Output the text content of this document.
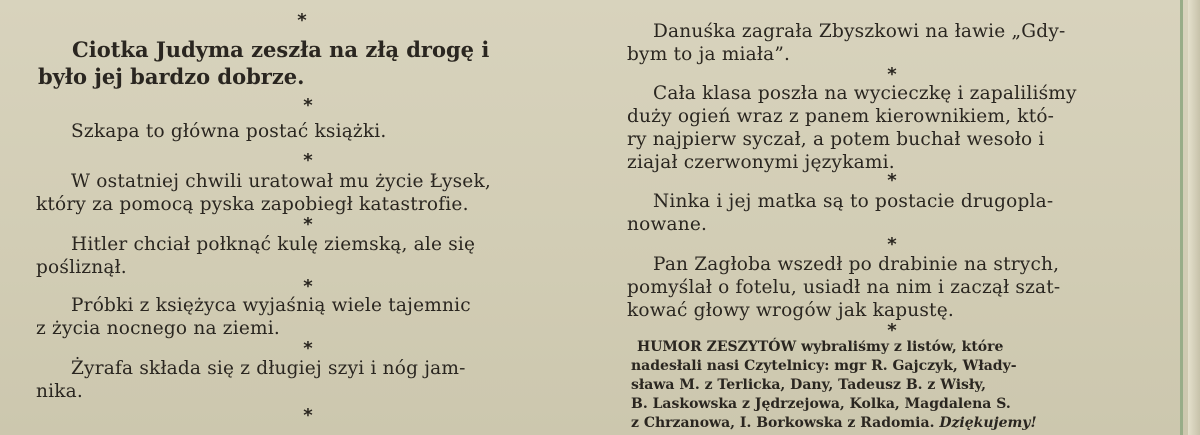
*
Ciotka Judyma zeszła na złą drogę i
było jej bardzo dobrze.
*
Szkapa to główna postać książki.
*
W ostatniej chwili uratował mu życie Łysek,
który za pomocą pyska zapobiegł katastrofie.
*
Hitler chciał połknąć kulę ziemską, ale się
pośliznął.
*
Próbki z księżyca wyjaśnią wiele tajemnic
z życia nocnego na ziemi.
*
Żyrafa składa się z długiej szyi i nóg jam-
nika.
*
Danuśka zagrała Zbyszkowi na ławie „Gdy-
bym to ja miała”.
*
Cała klasa poszła na wycieczkę i zapaliliśmy
duży ogień wraz z panem kierownikiem, któ-
ry najpierw syczał, a potem buchał wesoło i
ziajał czerwonymi językami.
*
Ninka i jej matka są to postacie drugopla-
nowane.
*
Pan Zagłoba wszedł po drabinie na strych,
pomyślał o fotelu, usiadł na nim i zaczął szat-
kować głowy wrogów jak kapustę.
*
HUMOR ZESZYTÓW wybraliśmy z listów, które
nadesłali nasi Czytelnicy: mgr R. Gajczyk, Włady-
sława M. z Terlicka, Dany, Tadeusz B. z Wisły,
B. Laskowska z Jędrzejowa, Kolka, Magdalena S.
z Chrzanowa, I. Borkowska z Radomia. Dziękujemy!
